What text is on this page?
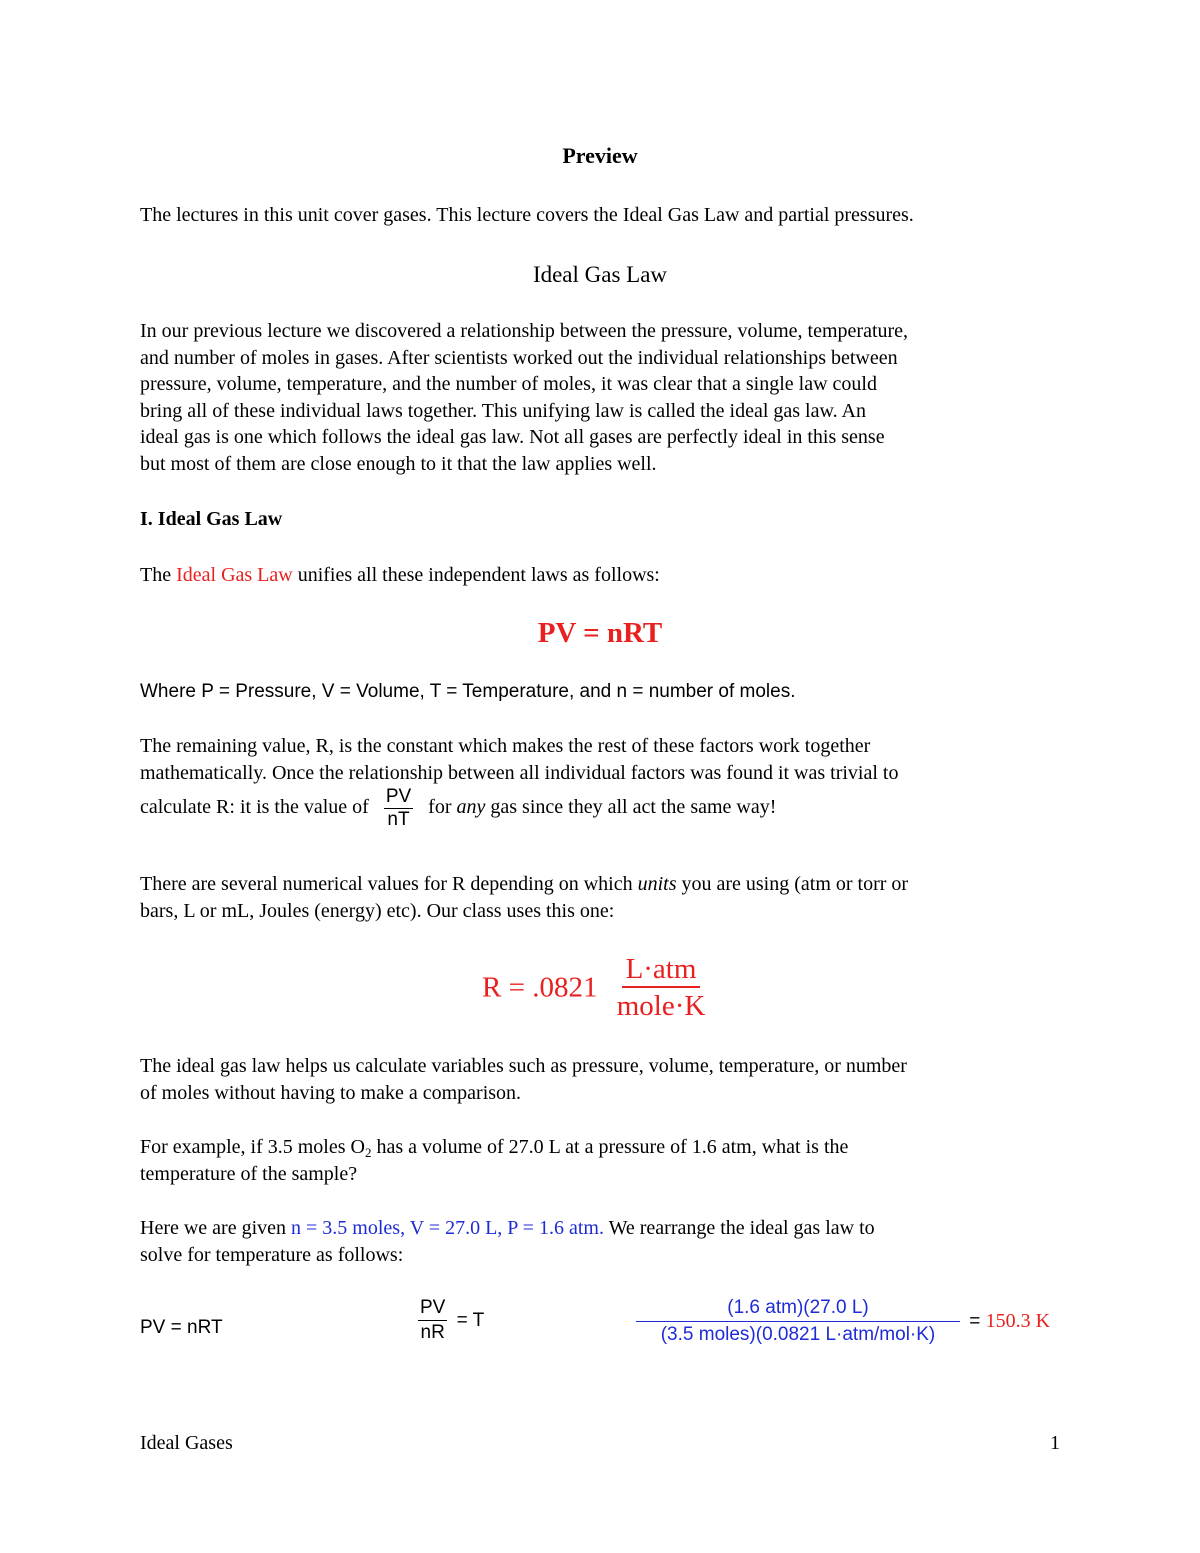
Preview
The lectures in this unit cover gases. This lecture covers the Ideal Gas Law and partial pressures.
Ideal Gas Law
In our previous lecture we discovered a relationship between the pressure, volume, temperature,
and number of moles in gases. After scientists worked out the individual relationships between
pressure, volume, temperature, and the number of moles, it was clear that a single law could
bring all of these individual laws together. This unifying law is called the ideal gas law. An
ideal gas is one which follows the ideal gas law. Not all gases are perfectly ideal in this sense
but most of them are close enough to it that the law applies well.
I. Ideal Gas Law
The Ideal Gas Law unifies all these independent laws as follows:
PV = nRT
Where P = Pressure, V = Volume, T = Temperature, and n = number of moles.
The remaining value, R, is the constant which makes the rest of these factors work together
mathematically. Once the relationship between all individual factors was found it was trivial to
calculate R: it is the value of $\frac{PV}{nT}$ for any gas since they all act the same way!
There are several numerical values for R depending on which units you are using (atm or torr or
bars, L or mL, Joules (energy) etc). Our class uses this one:
$R = .0821 \frac{\text{L·atm}}{\text{mole·K}}$
The ideal gas law helps us calculate variables such as pressure, volume, temperature, or number
of moles without having to make a comparison.
For example, if 3.5 moles $O_2$ has a volume of 27.0 L at a pressure of 1.6 atm, what is the
temperature of the sample?
Here we are given n = 3.5 moles, V = 27.0 L, P = 1.6 atm. We rearrange the ideal gas law to
solve for temperature as follows:
PV = nRT	$\frac{PV}{nR} = T$	$\frac{\text{(1.6 atm)(27.0 L)}}{\text{(3.5 moles)(0.0821 L·atm/mol·K)}} = 150.3$ K
Ideal Gases	1
